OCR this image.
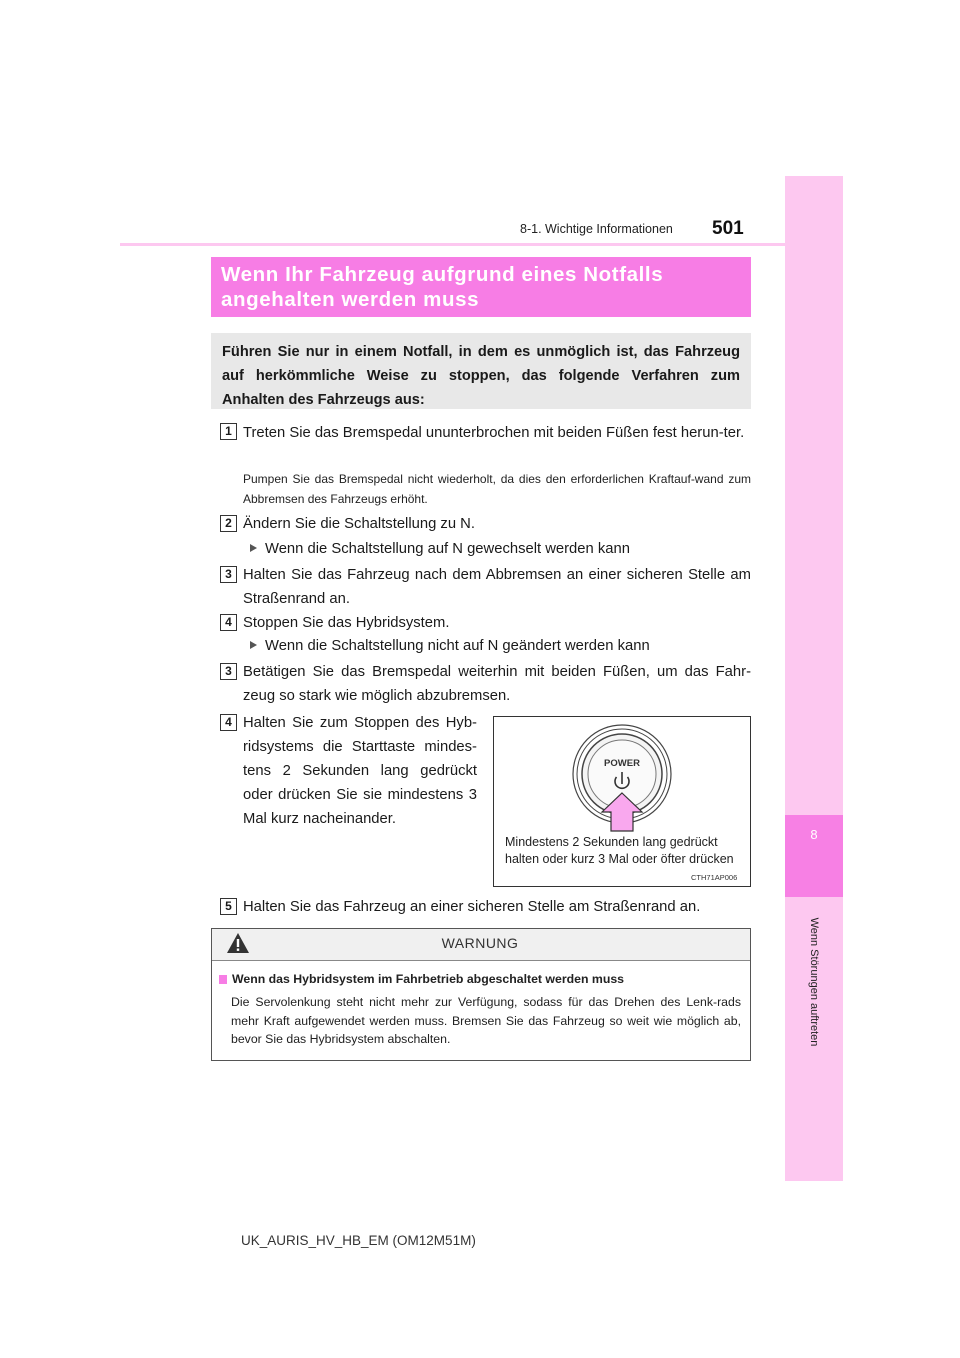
8
Wenn Störungen auftreten
8-1. Wichtige Informationen 501
Wenn Ihr Fahrzeug aufgrund eines Notfalls
angehalten werden muss
Führen Sie nur in einem Notfall, in dem es unmöglich ist, das Fahrzeug auf herkömmliche Weise zu stoppen, das folgende Verfahren zum Anhalten des Fahrzeugs aus:
1 Treten Sie das Bremspedal ununterbrochen mit beiden Füßen fest herun-ter.
Pumpen Sie das Bremspedal nicht wiederholt, da dies den erforderlichen Kraftauf-wand zum Abbremsen des Fahrzeugs erhöht.
2 Ändern Sie die Schaltstellung zu N.
Wenn die Schaltstellung auf N gewechselt werden kann
3 Halten Sie das Fahrzeug nach dem Abbremsen an einer sicheren Stelle am Straßenrand an.
4 Stoppen Sie das Hybridsystem.
Wenn die Schaltstellung nicht auf N geändert werden kann
3 Betätigen Sie das Bremspedal weiterhin mit beiden Füßen, um das Fahr-zeug so stark wie möglich abzubremsen.
4 Halten Sie zum Stoppen des Hyb-ridsystems die Starttaste mindes-tens 2 Sekunden lang gedrückt oder drücken Sie sie mindestens 3 Mal kurz nacheinander.
POWER
Mindestens 2 Sekunden lang gedrückt halten oder kurz 3 Mal oder öfter drücken
CTH71AP006
5 Halten Sie das Fahrzeug an einer sicheren Stelle am Straßenrand an.
WARNUNG
Wenn das Hybridsystem im Fahrbetrieb abgeschaltet werden muss
Die Servolenkung steht nicht mehr zur Verfügung, sodass für das Drehen des Lenk-rads mehr Kraft aufgewendet werden muss. Bremsen Sie das Fahrzeug so weit wie möglich ab, bevor Sie das Hybridsystem abschalten.
UK_AURIS_HV_HB_EM (OM12M51M)
